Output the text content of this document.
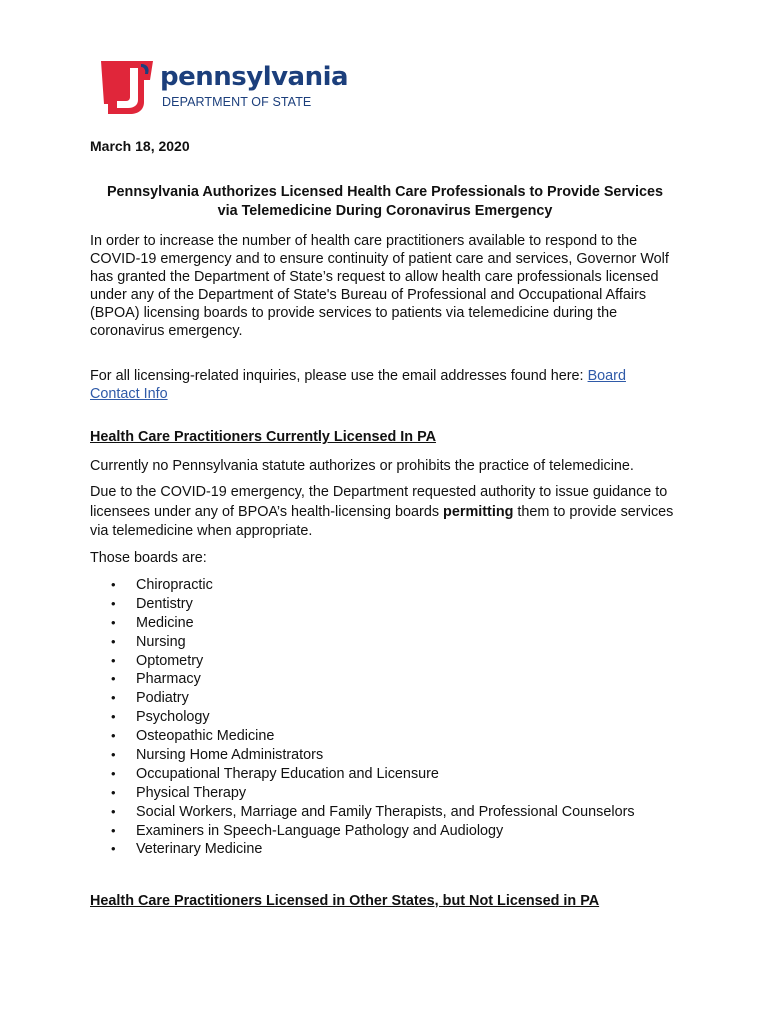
pennsylvania
DEPARTMENT OF STATE
March 18, 2020
Pennsylvania Authorizes Licensed Health Care Professionals to Provide Services
via Telemedicine During Coronavirus Emergency

In order to increase the number of health care practitioners available to respond to the COVID-19 emergency and to ensure continuity of patient care and services, Governor Wolf has granted the Department of State’s request to allow health care professionals licensed under any of the Department of State's Bureau of Professional and Occupational Affairs (BPOA) licensing boards to provide services to patients via telemedicine during the coronavirus emergency.

For all licensing-related inquiries, please use the email addresses found here: Board Contact Info

Health Care Practitioners Currently Licensed In PA

Currently no Pennsylvania statute authorizes or prohibits the practice of telemedicine.

Due to the COVID-19 emergency, the Department requested authority to issue guidance to licensees under any of BPOA’s health-licensing boards permitting them to provide services via telemedicine when appropriate.

Those boards are:

• Chiropractic
• Dentistry
• Medicine
• Nursing
• Optometry
• Pharmacy
• Podiatry
• Psychology
• Osteopathic Medicine
• Nursing Home Administrators
• Occupational Therapy Education and Licensure
• Physical Therapy
• Social Workers, Marriage and Family Therapists, and Professional Counselors
• Examiners in Speech-Language Pathology and Audiology
• Veterinary Medicine
Health Care Practitioners Licensed in Other States, but Not Licensed in PA
